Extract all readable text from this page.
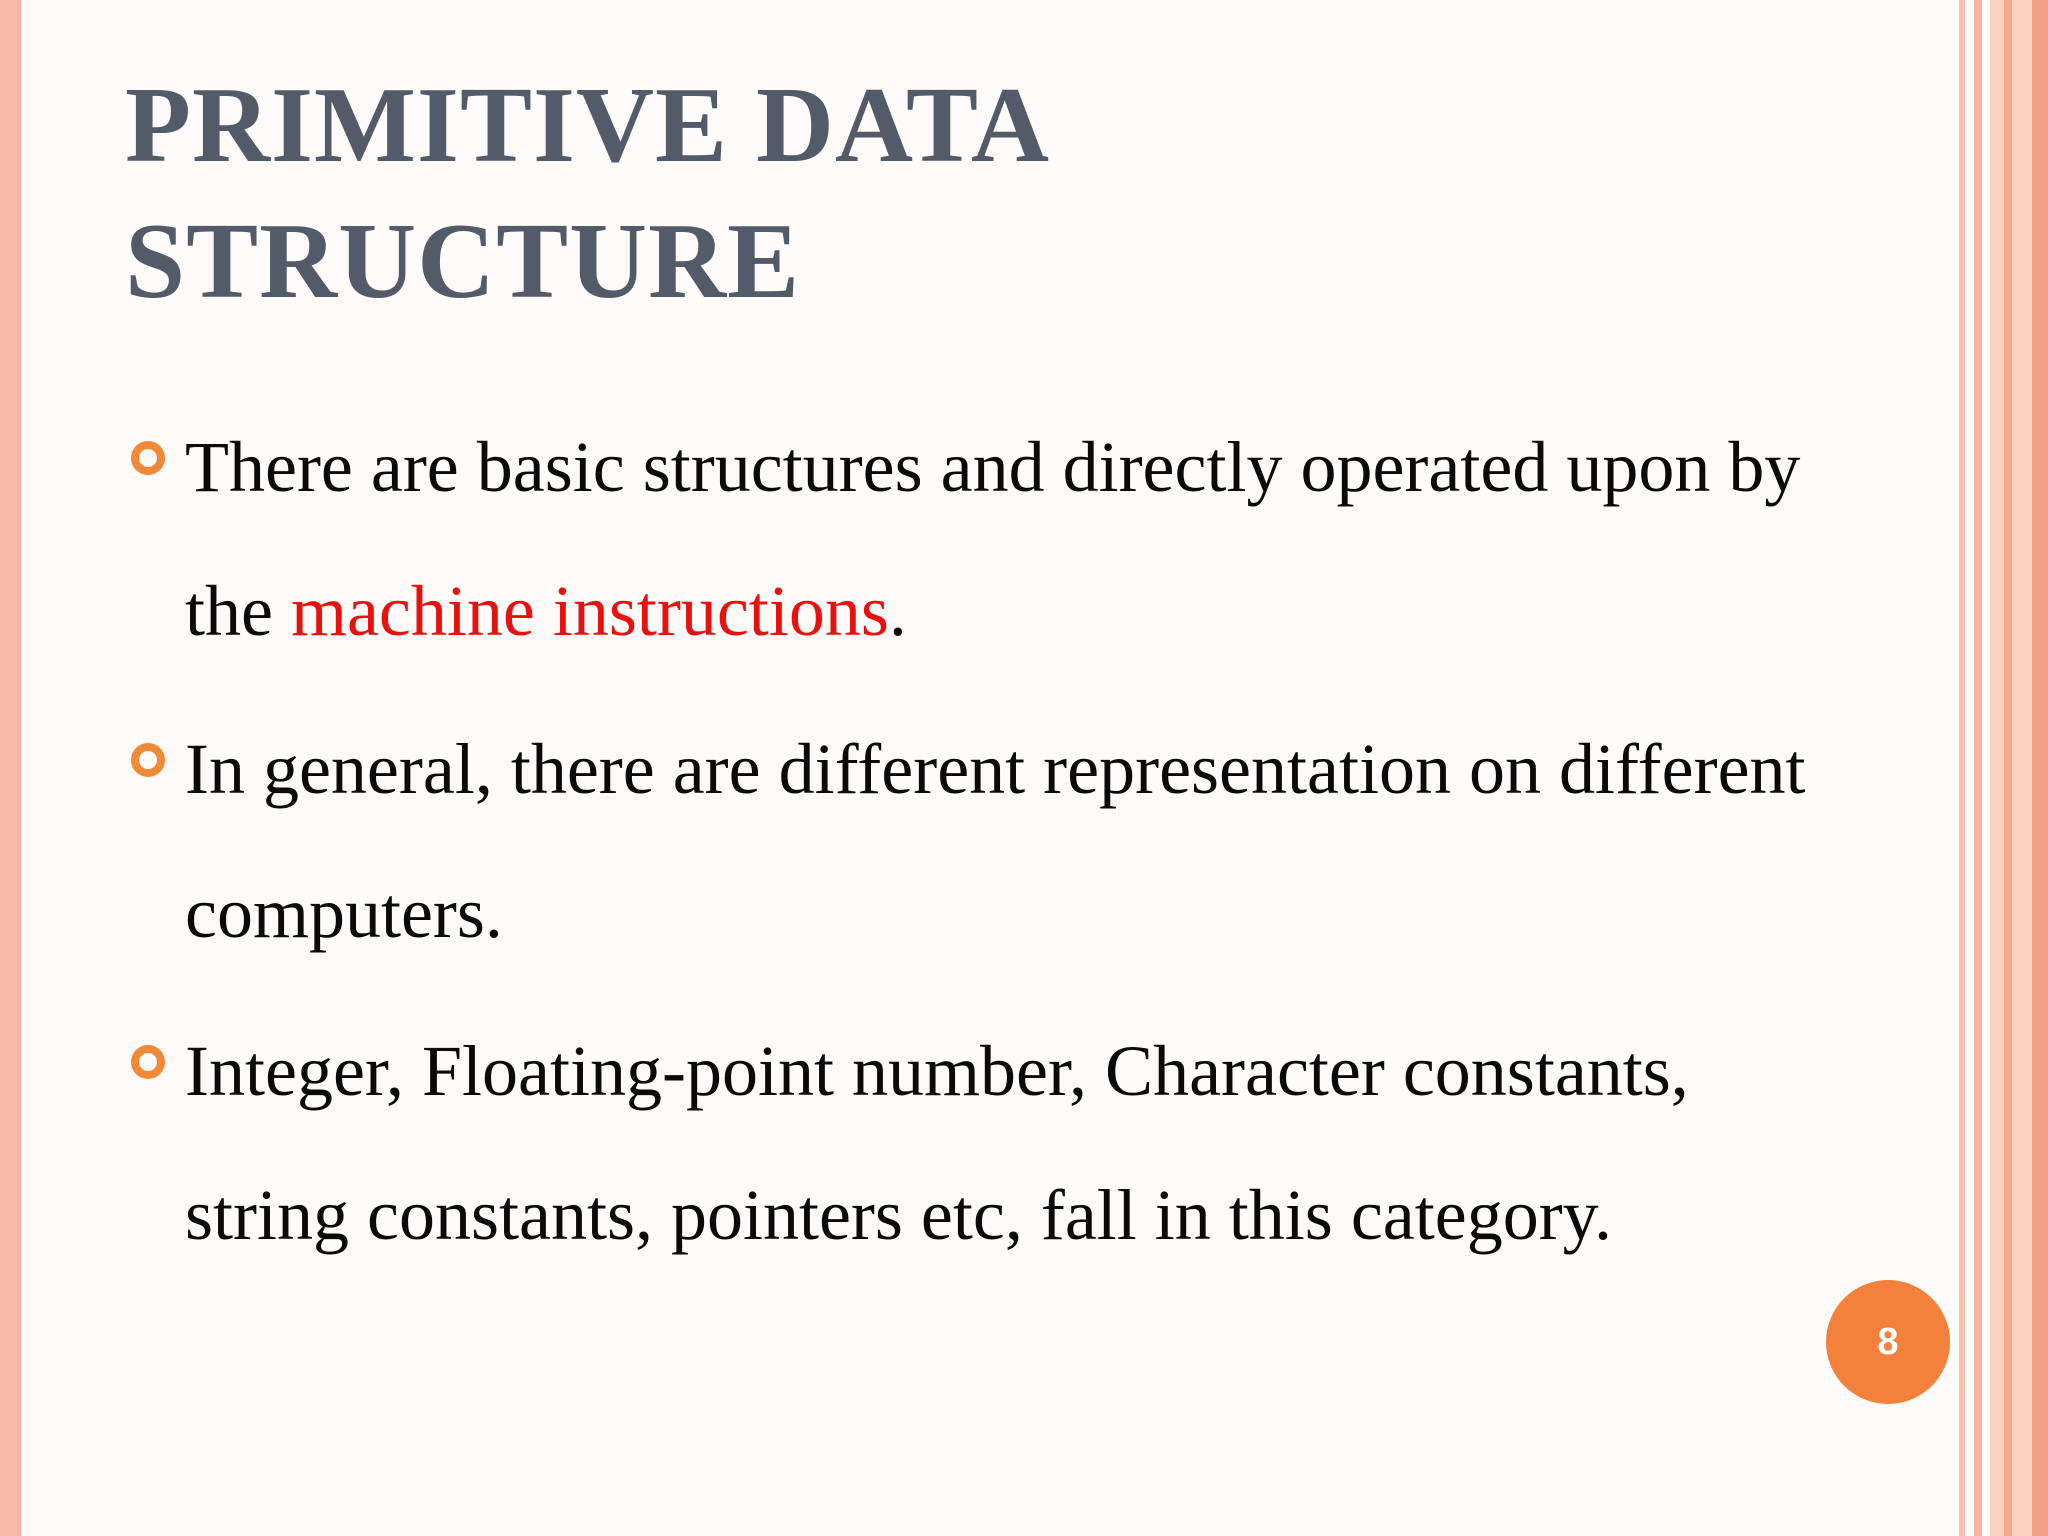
PRIMITIVE DATA
STRUCTURE
There are basic structures and directly operated upon by the machine instructions.
In general, there are different representation on different computers.
Integer, Floating-point number, Character constants, string constants, pointers etc, fall in this category.
8
